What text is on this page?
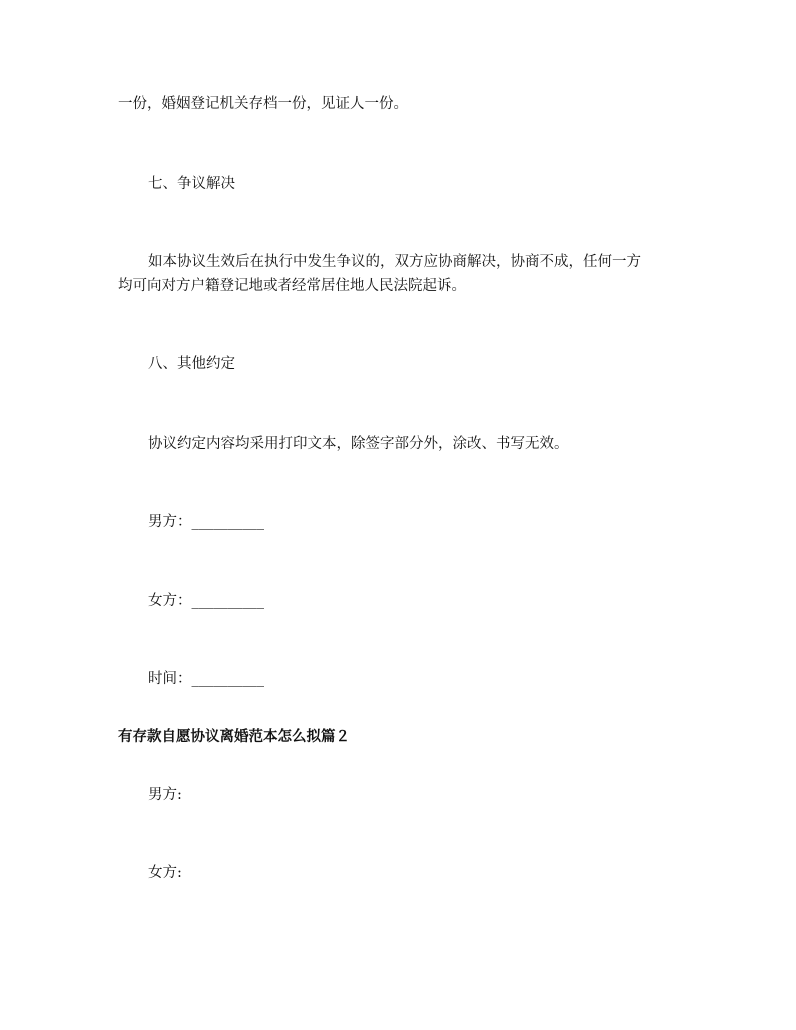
一份，婚姻登记机关存档一份，见证人一份。

七、争议解决

如本协议生效后在执行中发生争议的，双方应协商解决，协商不成，任何一方

均可向对方户籍登记地或者经常居住地人民法院起诉。

八、其他约定

协议约定内容均采用打印文本，除签字部分外，涂改、书写无效。

男方：__________

女方：__________

时间：__________

有存款自愿协议离婚范本怎么拟篇２

男方:

女方:
